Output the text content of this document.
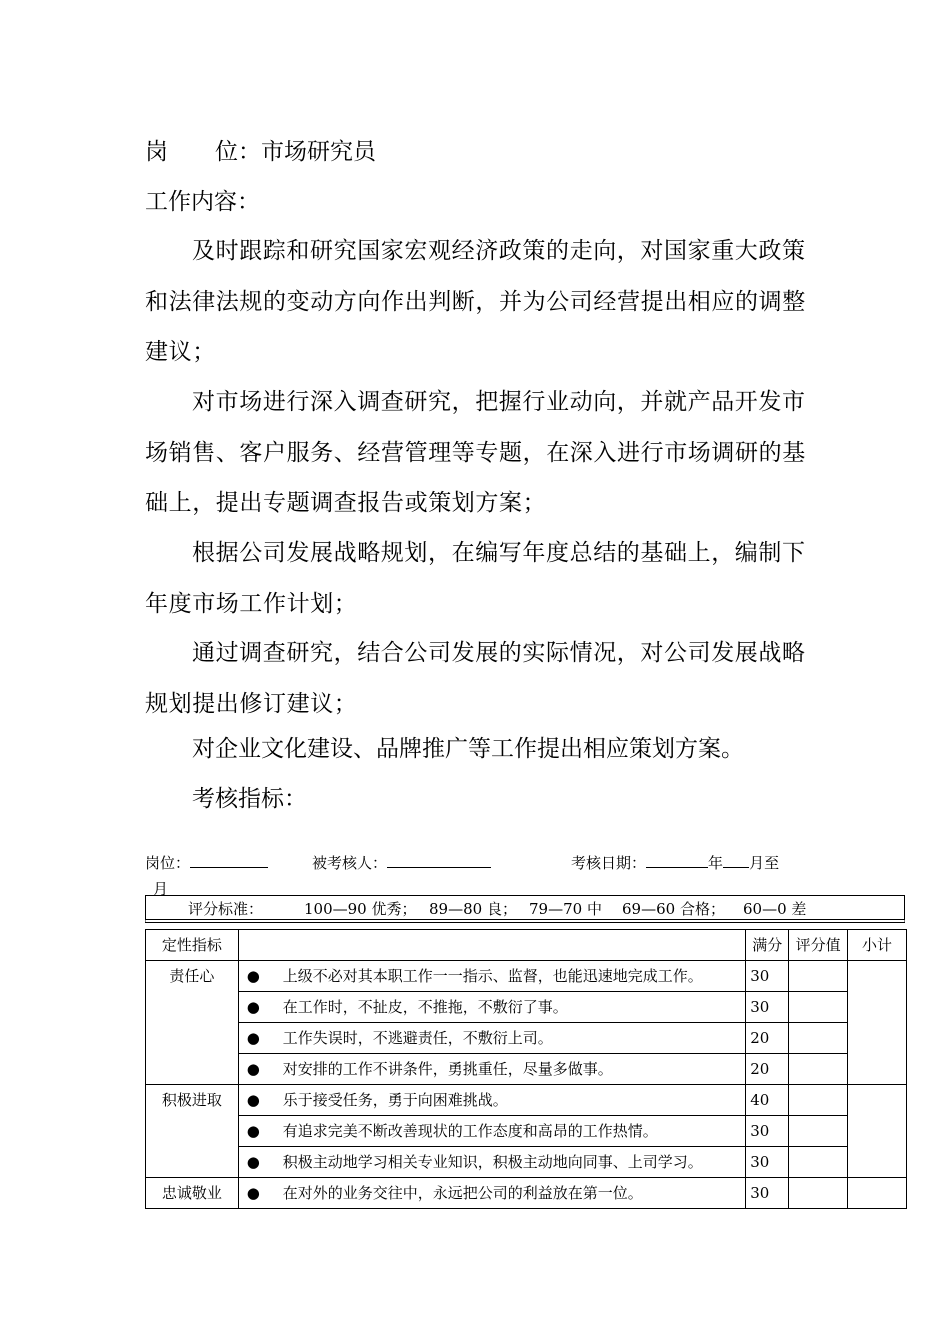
岗 位：市场研究员
工作内容：
及时跟踪和研究国家宏观经济政策的走向，对国家重大政策和法律法规的变动方向作出判断，并为公司经营提出相应的调整建议；
对市场进行深入调查研究，把握行业动向，并就产品开发市场销售、客户服务、经营管理等专题，在深入进行市场调研的基础上，提出专题调查报告或策划方案；
根据公司发展战略规划，在编写年度总结的基础上，编制下年度市场工作计划；
通过调查研究，结合公司发展的实际情况，对公司发展战略规划提出修订建议；
对企业文化建设、品牌推广等工作提出相应策划方案。
考核指标：
岗位：	被考核人：	考核日期：	年 月至
月
评分标准：	100—90 优秀； 89—80 良； 79—70 中 69—60 合格； 60—0 差
定性指标		满分	评分值	小计
责任心	● 上级不必对其本职工作一一指示、监督，也能迅速地完成工作。	30		

	● 在工作时，不扯皮，不推拖，不敷衍了事。	30		

	● 工作失误时，不逃避责任，不敷衍上司。	20		

	● 对安排的工作不讲条件，勇挑重任，尽量多做事。	20		
积极进取	● 乐于接受任务，勇于向困难挑战。	40		

	● 有追求完美不断改善现状的工作态度和高昂的工作热情。	30		

	● 积极主动地学习相关专业知识，积极主动地向同事、上司学习。	30		
忠诚敬业	● 在对外的业务交往中，永远把公司的利益放在第一位。	30		
